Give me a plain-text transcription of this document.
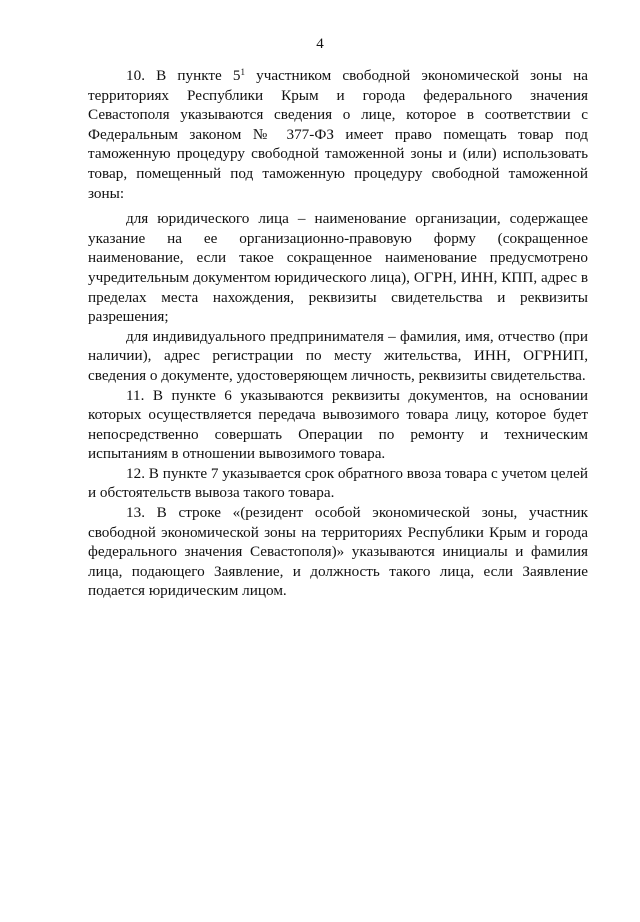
4

10. В пункте $5^1$ участником свободной экономической зоны на территориях Республики Крым и города федерального значения Севастополя указываются сведения о лице, которое в соответствии с Федеральным законом № 377-ФЗ имеет право помещать товар под таможенную процедуру свободной таможенной зоны и (или) использовать товар, помещенный под таможенную процедуру свободной таможенной зоны:

для юридического лица – наименование организации, содержащее указание на ее организационно-правовую форму (сокращенное наименование, если такое сокращенное наименование предусмотрено учредительным документом юридического лица), ОГРН, ИНН, КПП, адрес в пределах места нахождения, реквизиты свидетельства и реквизиты разрешения;

для индивидуального предпринимателя – фамилия, имя, отчество (при наличии), адрес регистрации по месту жительства, ИНН, ОГРНИП, сведения о документе, удостоверяющем личность, реквизиты свидетельства.

11. В пункте 6 указываются реквизиты документов, на основании которых осуществляется передача вывозимого товара лицу, которое будет непосредственно совершать Операции по ремонту и техническим испытаниям в отношении вывозимого товара.

12. В пункте 7 указывается срок обратного ввоза товара с учетом целей и обстоятельств вывоза такого товара.

13. В строке «(резидент особой экономической зоны, участник свободной экономической зоны на территориях Республики Крым и города федерального значения Севастополя)» указываются инициалы и фамилия лица, подающего Заявление, и должность такого лица, если Заявление подается юридическим лицом.
